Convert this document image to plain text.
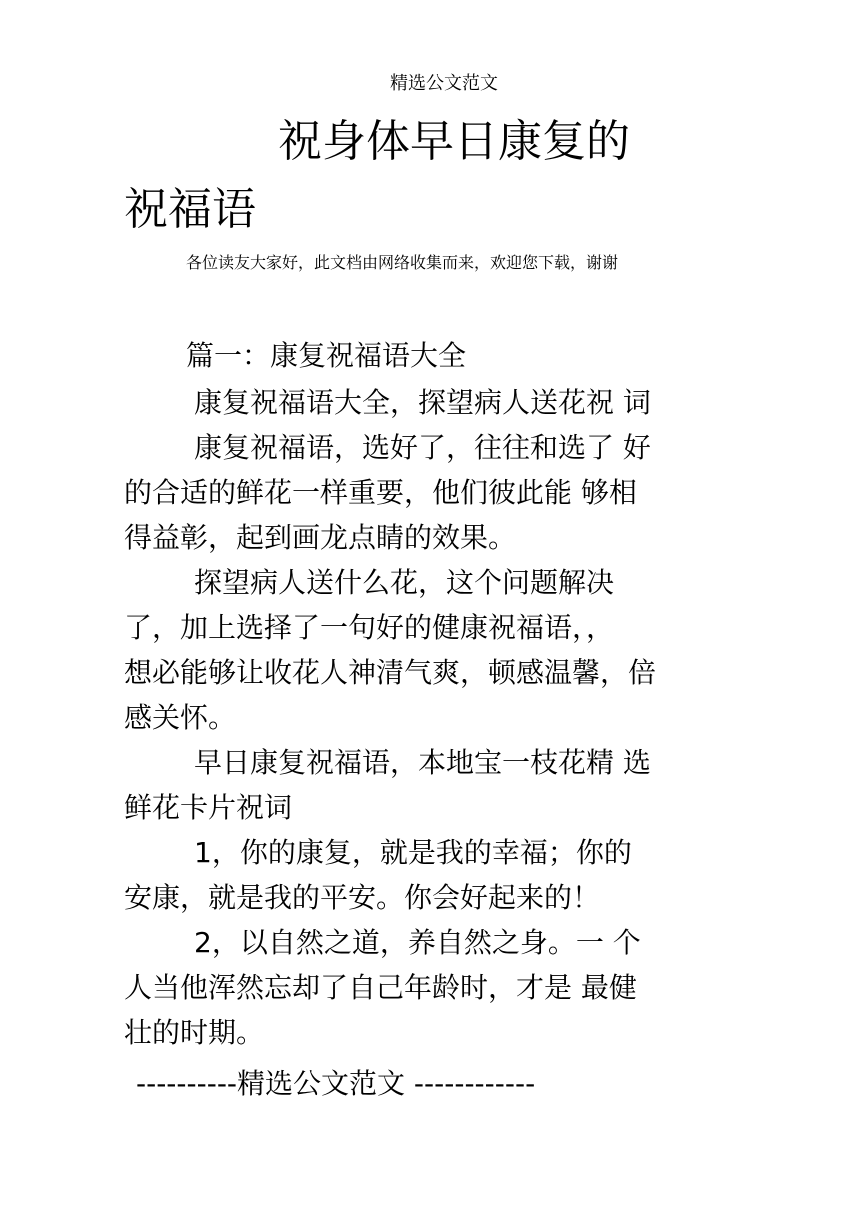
精选公文范文
祝身体早日康复的
祝福语
各位读友大家好，此文档由网络收集而来，欢迎您下载，谢谢
篇一：康复祝福语大全
康复祝福语大全，探望病人送花祝 词
康复祝福语，选好了，往往和选了 好
的合适的鲜花一样重要，他们彼此能 够相
得益彰，起到画龙点睛的效果。
探望病人送什么花，这个问题解决
了，加上选择了一句好的健康祝福语，，
想必能够让收花人神清气爽，顿感温馨，倍
感关怀。
早日康复祝福语，本地宝一枝花精 选
鲜花卡片祝词
1，你的康复，就是我的幸福；你的
安康，就是我的平安。你会好起来的！
2，以自然之道，养自然之身。一 个
人当他浑然忘却了自己年龄时，才是 最健
壮的时期。
----------精选公文范文 ------------
